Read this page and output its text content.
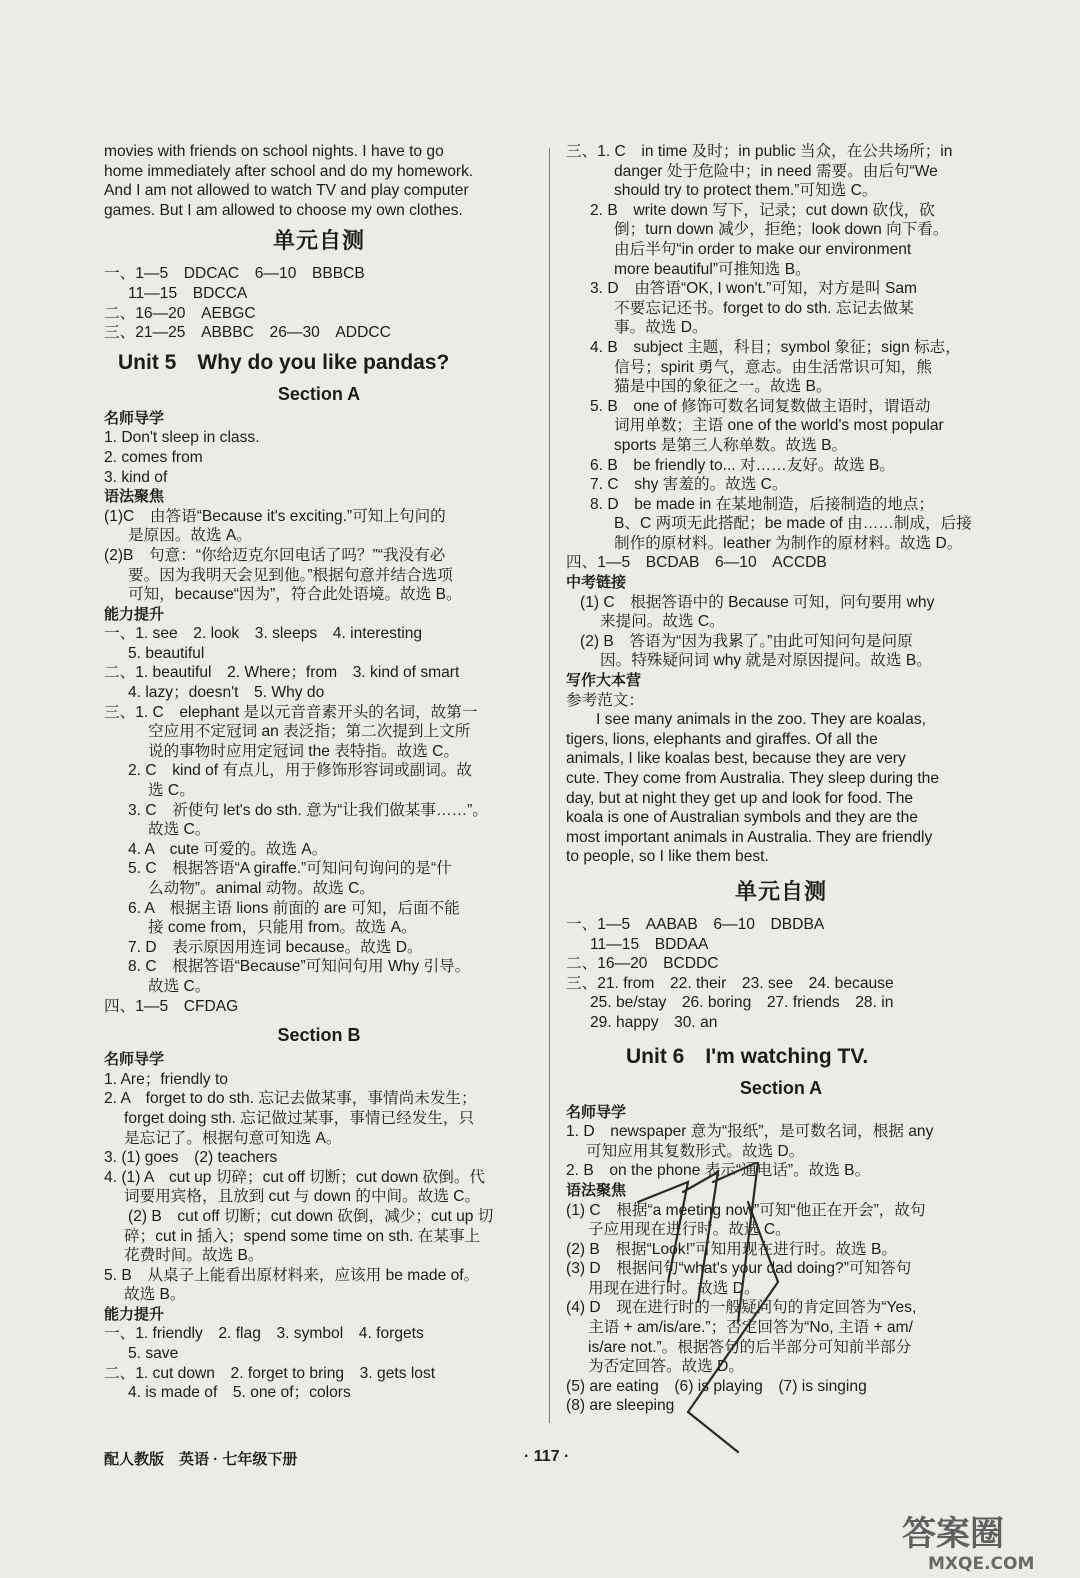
movies with friends on school nights. I have to go
home immediately after school and do my homework.
And I am not allowed to watch TV and play computer
games. But I am allowed to choose my own clothes.
单元自测
一、1—5　DDCAC　6—10　BBBCB
11—15　BDCCA
二、16—20　AEBGC
三、21—25　ABBBC　26—30　ADDCC
Unit 5　Why do you like pandas?
Section A
名师导学
1. Don't sleep in class.
2. comes from
3. kind of
语法聚焦
(1)C　由答语“Because it's exciting.”可知上句问的
是原因。故选 A。
(2)B　句意：“你给迈克尔回电话了吗？”“我没有必
要。因为我明天会见到他。”根据句意并结合选项
可知，because“因为”，符合此处语境。故选 B。
能力提升
一、1. see　2. look　3. sleeps　4. interesting
5. beautiful
二、1. beautiful　2. Where；from　3. kind of smart
4. lazy；doesn't　5. Why do
三、1. C　elephant 是以元音音素开头的名词，故第一
空应用不定冠词 an 表泛指；第二次提到上文所
说的事物时应用定冠词 the 表特指。故选 C。
2. C　kind of 有点儿，用于修饰形容词或副词。故
选 C。
3. C　祈使句 let's do sth. 意为“让我们做某事……”。
故选 C。
4. A　cute 可爱的。故选 A。
5. C　根据答语“A giraffe.”可知问句询问的是“什
么动物”。animal 动物。故选 C。
6. A　根据主语 lions 前面的 are 可知，后面不能
接 come from，只能用 from。故选 A。
7. D　表示原因用连词 because。故选 D。
8. C　根据答语“Because”可知问句用 Why 引导。
故选 C。
四、1—5　CFDAG
Section B
名师导学
1. Are；friendly to
2. A　forget to do sth. 忘记去做某事，事情尚未发生；
forget doing sth. 忘记做过某事，事情已经发生，只
是忘记了。根据句意可知选 A。
3. (1) goes　(2) teachers
4. (1) A　cut up 切碎；cut off 切断；cut down 砍倒。代
词要用宾格，且放到 cut 与 down 的中间。故选 C。
(2) B　cut off 切断；cut down 砍倒，减少；cut up 切
碎；cut in 插入；spend some time on sth. 在某事上
花费时间。故选 B。
5. B　从桌子上能看出原材料来，应该用 be made of。
故选 B。
能力提升
一、1. friendly　2. flag　3. symbol　4. forgets
5. save
二、1. cut down　2. forget to bring　3. gets lost
4. is made of　5. one of；colors
三、1. C　in time 及时；in public 当众，在公共场所；in
danger 处于危险中；in need 需要。由后句“We
should try to protect them.”可知选 C。
2. B　write down 写下，记录；cut down 砍伐，砍
倒；turn down 减少，拒绝；look down 向下看。
由后半句“in order to make our environment
more beautiful”可推知选 B。
3. D　由答语“OK, I won't.”可知，对方是叫 Sam
不要忘记还书。forget to do sth. 忘记去做某
事。故选 D。
4. B　subject 主题，科目；symbol 象征；sign 标志，
信号；spirit 勇气，意志。由生活常识可知，熊
猫是中国的象征之一。故选 B。
5. B　one of 修饰可数名词复数做主语时，谓语动
词用单数；主语 one of the world's most popular
sports 是第三人称单数。故选 B。
6. B　be friendly to... 对……友好。故选 B。
7. C　shy 害羞的。故选 C。
8. D　be made in 在某地制造，后接制造的地点；
B、C 两项无此搭配；be made of 由……制成，后接
制作的原材料。leather 为制作的原材料。故选 D。
四、1—5　BCDAB　6—10　ACCDB
中考链接
(1) C　根据答语中的 Because 可知，问句要用 why
来提问。故选 C。
(2) B　答语为“因为我累了。”由此可知问句是问原
因。特殊疑问词 why 就是对原因提问。故选 B。
写作大本营
参考范文：
I see many animals in the zoo. They are koalas,
tigers, lions, elephants and giraffes. Of all the
animals, I like koalas best, because they are very
cute. They come from Australia. They sleep during the
day, but at night they get up and look for food. The
koala is one of Australian symbols and they are the
most important animals in Australia. They are friendly
to people, so I like them best.
单元自测
一、1—5　AABAB　6—10　DBDBA
11—15　BDDAA
二、16—20　BCDDC
三、21. from　22. their　23. see　24. because
25. be/stay　26. boring　27. friends　28. in
29. happy　30. an
Unit 6　I'm watching TV.
Section A
名师导学
1. D　newspaper 意为“报纸”，是可数名词，根据 any
可知应用其复数形式。故选 D。
2. B　on the phone 表示“通电话”。故选 B。
语法聚焦
(1) C　根据“a meeting now”可知“他正在开会”，故句
子应用现在进行时。故选 C。
(2) B　根据“Look!”可知用现在进行时。故选 B。
(3) D　根据问句“what's your dad doing?”可知答句
用现在进行时。故选 D。
(4) D　现在进行时的一般疑问句的肯定回答为“Yes,
主语 + am/is/are.”；否定回答为“No, 主语 + am/
is/are not.”。根据答句的后半部分可知前半部分
为否定回答。故选 D。
(5) are eating　(6) is playing　(7) is singing
(8) are sleeping
配人教版　英语 · 七年级下册	· 117 ·
答案圈
MXQE.COM
